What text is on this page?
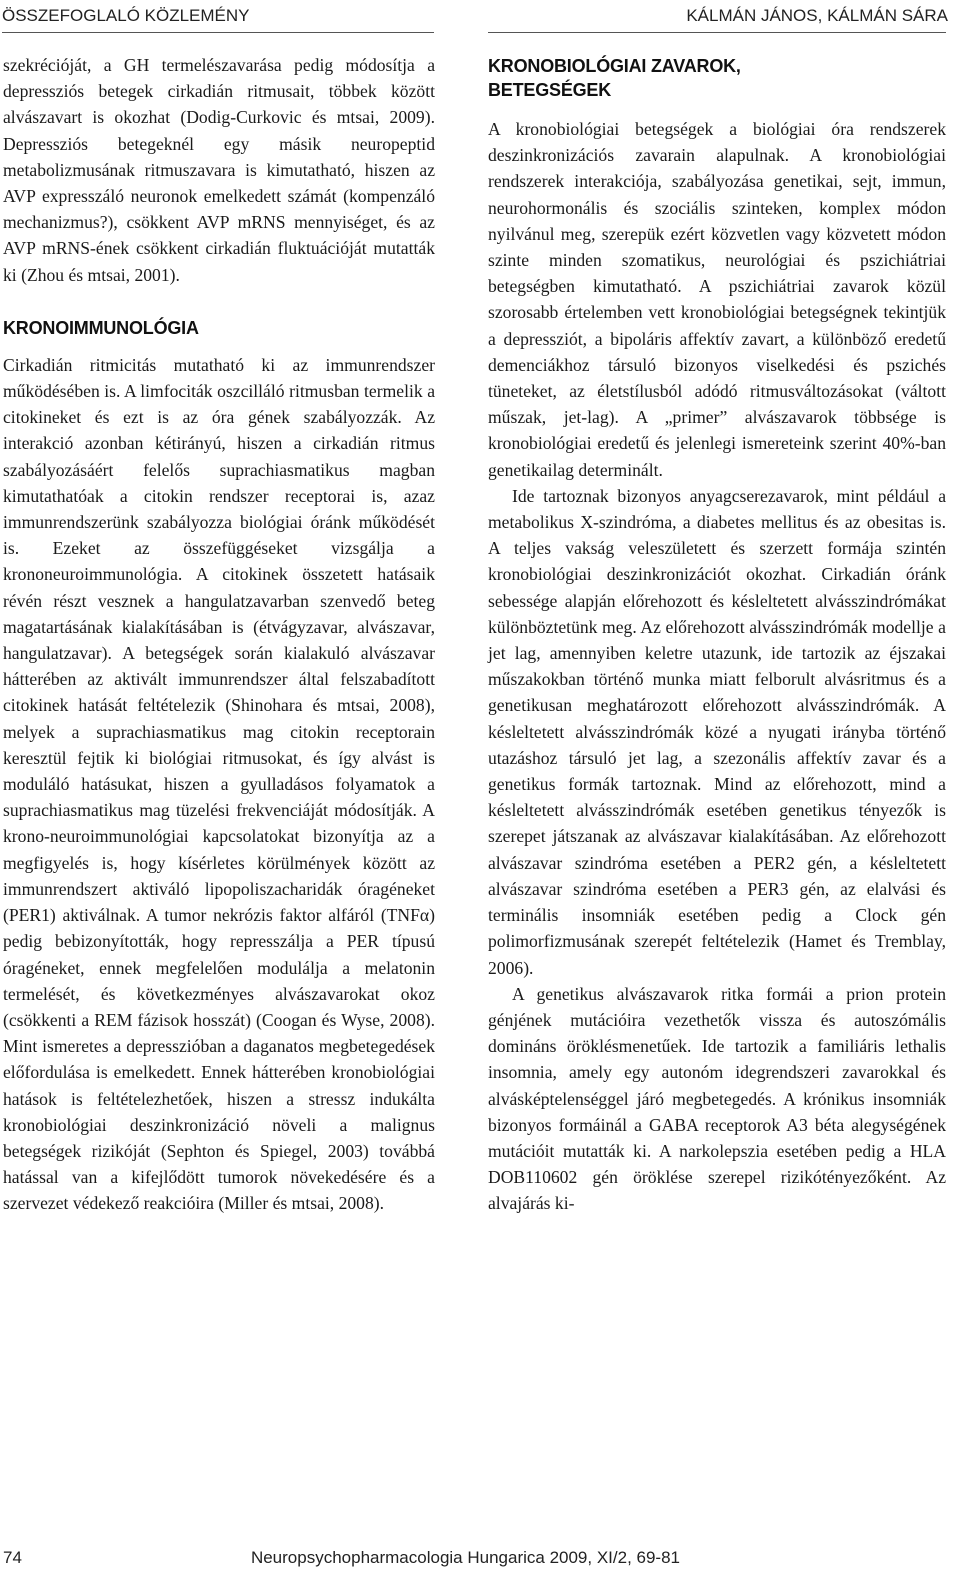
ÖSSZEFOGLALÓ KÖZLEMÉNY	KÁLMÁN JÁNOS, KÁLMÁN SÁRA

szekrécióját, a GH termelészavarása pedig módosítja a depressziós betegek cirkadián ritmusait, többek között alvászavart is okozhat (Dodig-Curkovic és mtsai, 2009). Depressziós betegeknél egy másik neuropeptid metabolizmusának ritmuszavara is kimutatható, hiszen az AVP expresszáló neuronok emelkedett számát (kompenzáló mechanizmus?), csökkent AVP mRNS mennyiséget, és az AVP mRNS-ének csökkent cirkadián fluktuációját mutatták ki (Zhou és mtsai, 2001).

KRONOIMMUNOLÓGIA

Cirkadián ritmicitás mutatható ki az immunrendszer működésében is. A limfociták oszcilláló ritmusban termelik a citokineket és ezt is az óra gének szabályozzák. Az interakció azonban kétirányú, hiszen a cirkadián ritmus szabályozásáért felelős suprachiasmatikus magban kimutathatóak a citokin rendszer receptorai is, azaz immunrendszerünk szabályozza biológiai óránk működését is. Ezeket az összefüggéseket vizsgálja a krononeuroimmunológia. A citokinek összetett hatásaik révén részt vesznek a hangulatzavarban szenvedő beteg magatartásának kialakításában is (étvágyzavar, alvászavar, hangulatzavar). A betegségek során kialakuló alvászavar hátterében az aktivált immunrendszer által felszabadított citokinek hatását feltételezik (Shinohara és mtsai, 2008), melyek a suprachiasmatikus mag citokin receptorain keresztül fejtik ki biológiai ritmusokat, és így alvást is moduláló hatásukat, hiszen a gyulladásos folyamatok a suprachiasmatikus mag tüzelési frekvenciáját módosítják. A krono-neuroimmunológiai kapcsolatokat bizonyítja az a megfigyelés is, hogy kísérletes körülmények között az immunrendszert aktiváló lipopoliszacharidák óragéneket (PER1) aktiválnak. A tumor nekrózis faktor alfáról (TNFα) pedig bebizonyították, hogy represszálja a PER típusú óragéneket, ennek megfelelően modulálja a melatonin termelését, és következményes alvászavarokat okoz (csökkenti a REM fázisok hosszát) (Coogan és Wyse, 2008). Mint ismeretes a depresszióban a daganatos megbetegedések előfordulása is emelkedett. Ennek hátterében kronobiológiai hatások is feltételezhetőek, hiszen a stressz indukálta kronobiológiai deszinkronizáció növeli a malignus betegségek rizikóját (Sephton és Spiegel, 2003) továbbá hatással van a kifejlődött tumorok növekedésére és a szervezet védekező reakcióira (Miller és mtsai, 2008).

KRONOBIOLÓGIAI ZAVAROK,
BETEGSÉGEK

A kronobiológiai betegségek a biológiai óra rendszerek deszinkronizációs zavarain alapulnak. A kronobiológiai rendszerek interakciója, szabályozása genetikai, sejt, immun, neurohormonális és szociális szinteken, komplex módon nyilvánul meg, szerepük ezért közvetlen vagy közvetett módon szinte minden szomatikus, neurológiai és pszichiátriai betegségben kimutatható. A pszichiátriai zavarok közül szorosabb értelemben vett kronobiológiai betegségnek tekintjük a depressziót, a bipoláris affektív zavart, a különböző eredetű demenciákhoz társuló bizonyos viselkedési és pszichés tüneteket, az életstílusból adódó ritmusváltozásokat (váltott műszak, jet-lag). A „primer” alvászavarok többsége is kronobiológiai eredetű és jelenlegi ismereteink szerint 40%-ban genetikailag determinált.

Ide tartoznak bizonyos anyagcserezavarok, mint például a metabolikus X-szindróma, a diabetes mellitus és az obesitas is. A teljes vakság veleszületett és szerzett formája szintén kronobiológiai deszinkronizációt okozhat. Cirkadián óránk sebessége alapján előrehozott és késleltetett alvásszindrómákat különböztetünk meg. Az előrehozott alvásszindrómák modellje a jet lag, amennyiben keletre utazunk, ide tartozik az éjszakai műszakokban történő munka miatt felborult alvásritmus és a genetikusan meghatározott előrehozott alvásszindrómák. A késleltetett alvásszindrómák közé a nyugati irányba történő utazáshoz társuló jet lag, a szezonális affektív zavar és a genetikus formák tartoznak. Mind az előrehozott, mind a késleltetett alvásszindrómák esetében genetikus tényezők is szerepet játszanak az alvászavar kialakításában. Az előrehozott alvászavar szindróma esetében a PER2 gén, a késleltetett alvászavar szindróma esetében a PER3 gén, az elalvási és terminális insomniák esetében pedig a Clock gén polimorfizmusának szerepét feltételezik (Hamet és Tremblay, 2006).

A genetikus alvászavarok ritka formái a prion protein génjének mutációira vezethetők vissza és autoszómális domináns öröklésmenetűek. Ide tartozik a familiáris lethalis insomnia, amely egy autonóm idegrendszeri zavarokkal és alvásképtelenséggel járó megbetegedés. A krónikus insomniák bizonyos formáinál a GABA receptorok A3 béta alegységének mutációit mutatták ki. A narkolepszia esetében pedig a HLA DOB110602 gén öröklése szerepel rizikótényezőként. Az alvajárás ki-

74	Neuropsychopharmacologia Hungarica 2009, XI/2, 69-81
